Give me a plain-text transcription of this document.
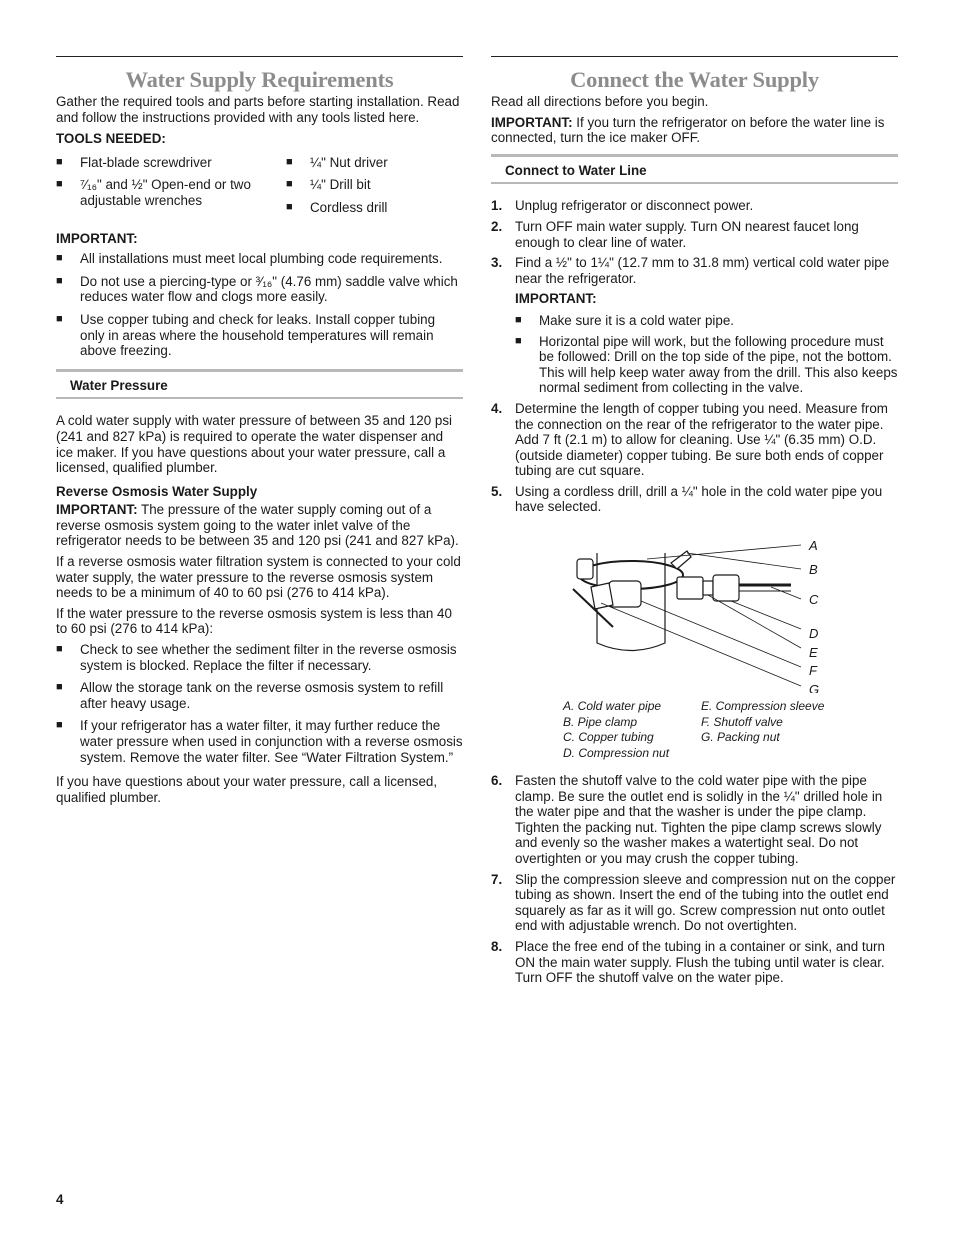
Water Supply Requirements

Gather the required tools and parts before starting installation. Read and follow the instructions provided with any tools listed here.

TOOLS NEEDED:

■ Flat-blade screwdriver
■ ⁷⁄₁₆" and ½" Open-end or two adjustable wrenches
■ ¼" Nut driver
■ ¼" Drill bit
■ Cordless drill

IMPORTANT:

■ All installations must meet local plumbing code requirements.
■ Do not use a piercing-type or ³⁄₁₆" (4.76 mm) saddle valve which reduces water flow and clogs more easily.
■ Use copper tubing and check for leaks. Install copper tubing only in areas where the household temperatures will remain above freezing.
Water Pressure

A cold water supply with water pressure of between 35 and 120 psi (241 and 827 kPa) is required to operate the water dispenser and ice maker. If you have questions about your water pressure, call a licensed, qualified plumber.

Reverse Osmosis Water Supply

IMPORTANT: The pressure of the water supply coming out of a reverse osmosis system going to the water inlet valve of the refrigerator needs to be between 35 and 120 psi (241 and 827 kPa).

If a reverse osmosis water filtration system is connected to your cold water supply, the water pressure to the reverse osmosis system needs to be a minimum of 40 to 60 psi (276 to 414 kPa).

If the water pressure to the reverse osmosis system is less than 40 to 60 psi (276 to 414 kPa):

■ Check to see whether the sediment filter in the reverse osmosis system is blocked. Replace the filter if necessary.
■ Allow the storage tank on the reverse osmosis system to refill after heavy usage.
■ If your refrigerator has a water filter, it may further reduce the water pressure when used in conjunction with a reverse osmosis system. Remove the water filter. See “Water Filtration System.”

If you have questions about your water pressure, call a licensed, qualified plumber.

Connect the Water Supply

Read all directions before you begin.

IMPORTANT: If you turn the refrigerator on before the water line is connected, turn the ice maker OFF.

Connect to Water Line
1. Unplug refrigerator or disconnect power.
2. Turn OFF main water supply. Turn ON nearest faucet long enough to clear line of water.
3. Find a ½" to 1¼" (12.7 mm to 31.8 mm) vertical cold water pipe near the refrigerator.

IMPORTANT:

■ Make sure it is a cold water pipe.
■ Horizontal pipe will work, but the following procedure must be followed: Drill on the top side of the pipe, not the bottom. This will help keep water away from the drill. This also keeps normal sediment from collecting in the valve.
4. Determine the length of copper tubing you need. Measure from the connection on the rear of the refrigerator to the water pipe. Add 7 ft (2.1 m) to allow for cleaning. Use ¼" (6.35 mm) O.D. (outside diameter) copper tubing. Be sure both ends of copper tubing are cut square.
5. Using a cordless drill, drill a ¼" hole in the cold water pipe you have selected.
A
B
C
D
E
F
G
A. Cold water pipe
B. Pipe clamp
C. Copper tubing
D. Compression nut
E. Compression sleeve
F. Shutoff valve
G. Packing nut
6. Fasten the shutoff valve to the cold water pipe with the pipe clamp. Be sure the outlet end is solidly in the ¼" drilled hole in the water pipe and that the washer is under the pipe clamp. Tighten the packing nut. Tighten the pipe clamp screws slowly and evenly so the washer makes a watertight seal. Do not overtighten or you may crush the copper tubing.
7. Slip the compression sleeve and compression nut on the copper tubing as shown. Insert the end of the tubing into the outlet end squarely as far as it will go. Screw compression nut onto outlet end with adjustable wrench. Do not overtighten.
8. Place the free end of the tubing in a container or sink, and turn ON the main water supply. Flush the tubing until water is clear. Turn OFF the shutoff valve on the water pipe.
4
